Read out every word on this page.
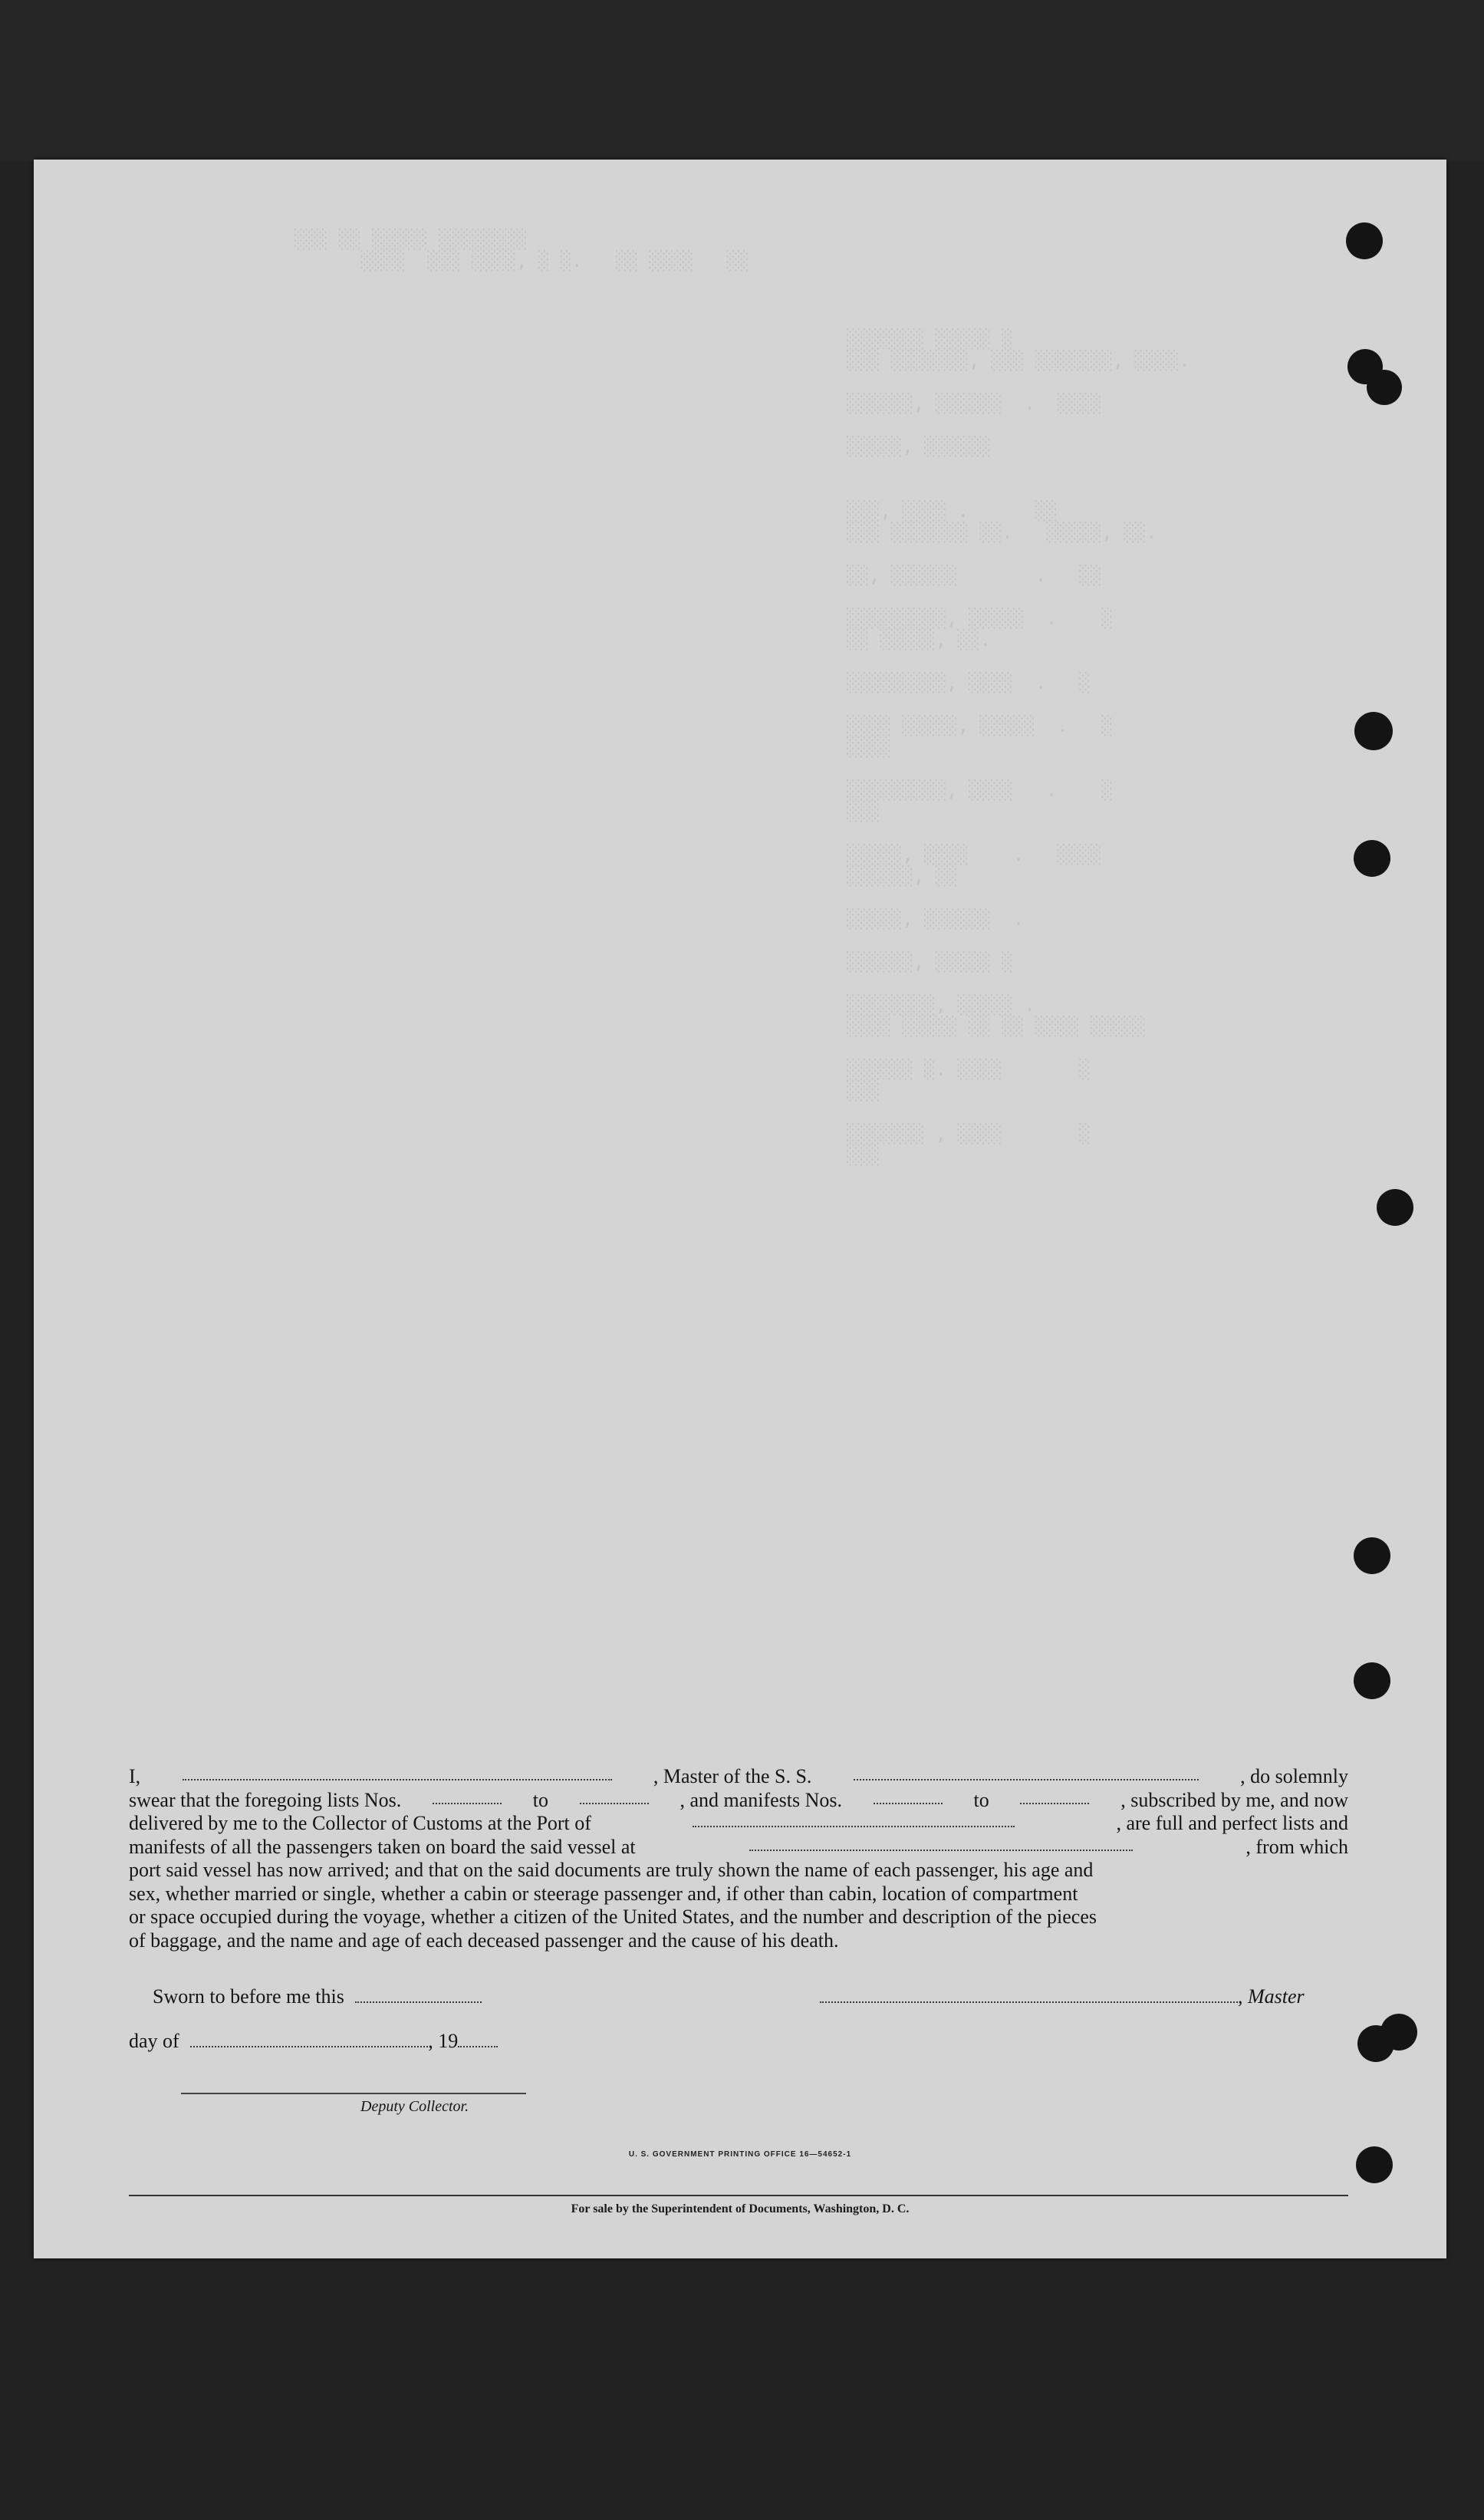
░░░ ░░ ░░░░░ ░░░░░░░░
░░░░  ░░░ ░░░░, ░ ░.   ░░ ░░░░   ░░
░░░░░░░ ░░░░░ ░
░░░ ░░░░░░░, ░░░ ░░░░░░░, ░░░░.

░░░░░░, ░░░░░░  .  ░░░░

░░░░░, ░░░░░░

░░░, ░░░░ .      ░░
░░░ ░░░░░░░ ░░.   ░░░░░, ░░.

░░, ░░░░░░       .   ░░

░░░░░░░░░, ░░░░░  .    ░
░░ ░░░░░, ░░.

░░░░░░░░░, ░░░░  .   ░

░░░░ ░░░░░, ░░░░░  .   ░
░░░░

░░░░░░░░░, ░░░░   .    ░
░░░

░░░░░, ░░░░    .   ░░░░
░░░░░░, ░░

░░░░░, ░░░░░░  .

░░░░░░, ░░░░░ ░

░░░░░░░░, ░░░░░ .
░░░░ ░░░░░ ░░ ░░ ░░░░ ░░░░░

░░░░░░ ░. ░░░░       ░
░░░

░░░░░░░ , ░░░░       ░
░░░
I,	, Master of the S. S.	, do solemnly
swear that the foregoing lists Nos.	to	, and manifests Nos.	to	, subscribed by me, and now
delivered by me to the Collector of Customs at the Port of	, are full and perfect lists and
manifests of all the passengers taken on board the said vessel at	, from which
port said vessel has now arrived; and that on the said documents are truly shown the name of each passenger, his age and
sex, whether married or single, whether a cabin or steerage passenger and, if other than cabin, location of compartment
or space occupied during the voyage, whether a citizen of the United States, and the number and description of the pieces
of baggage, and the name and age of each deceased passenger and the cause of his death.
Sworn to before me this	, Master
day of	, 19
Deputy Collector.
U. S. GOVERNMENT PRINTING OFFICE 16—54652-1
For sale by the Superintendent of Documents, Washington, D. C.
